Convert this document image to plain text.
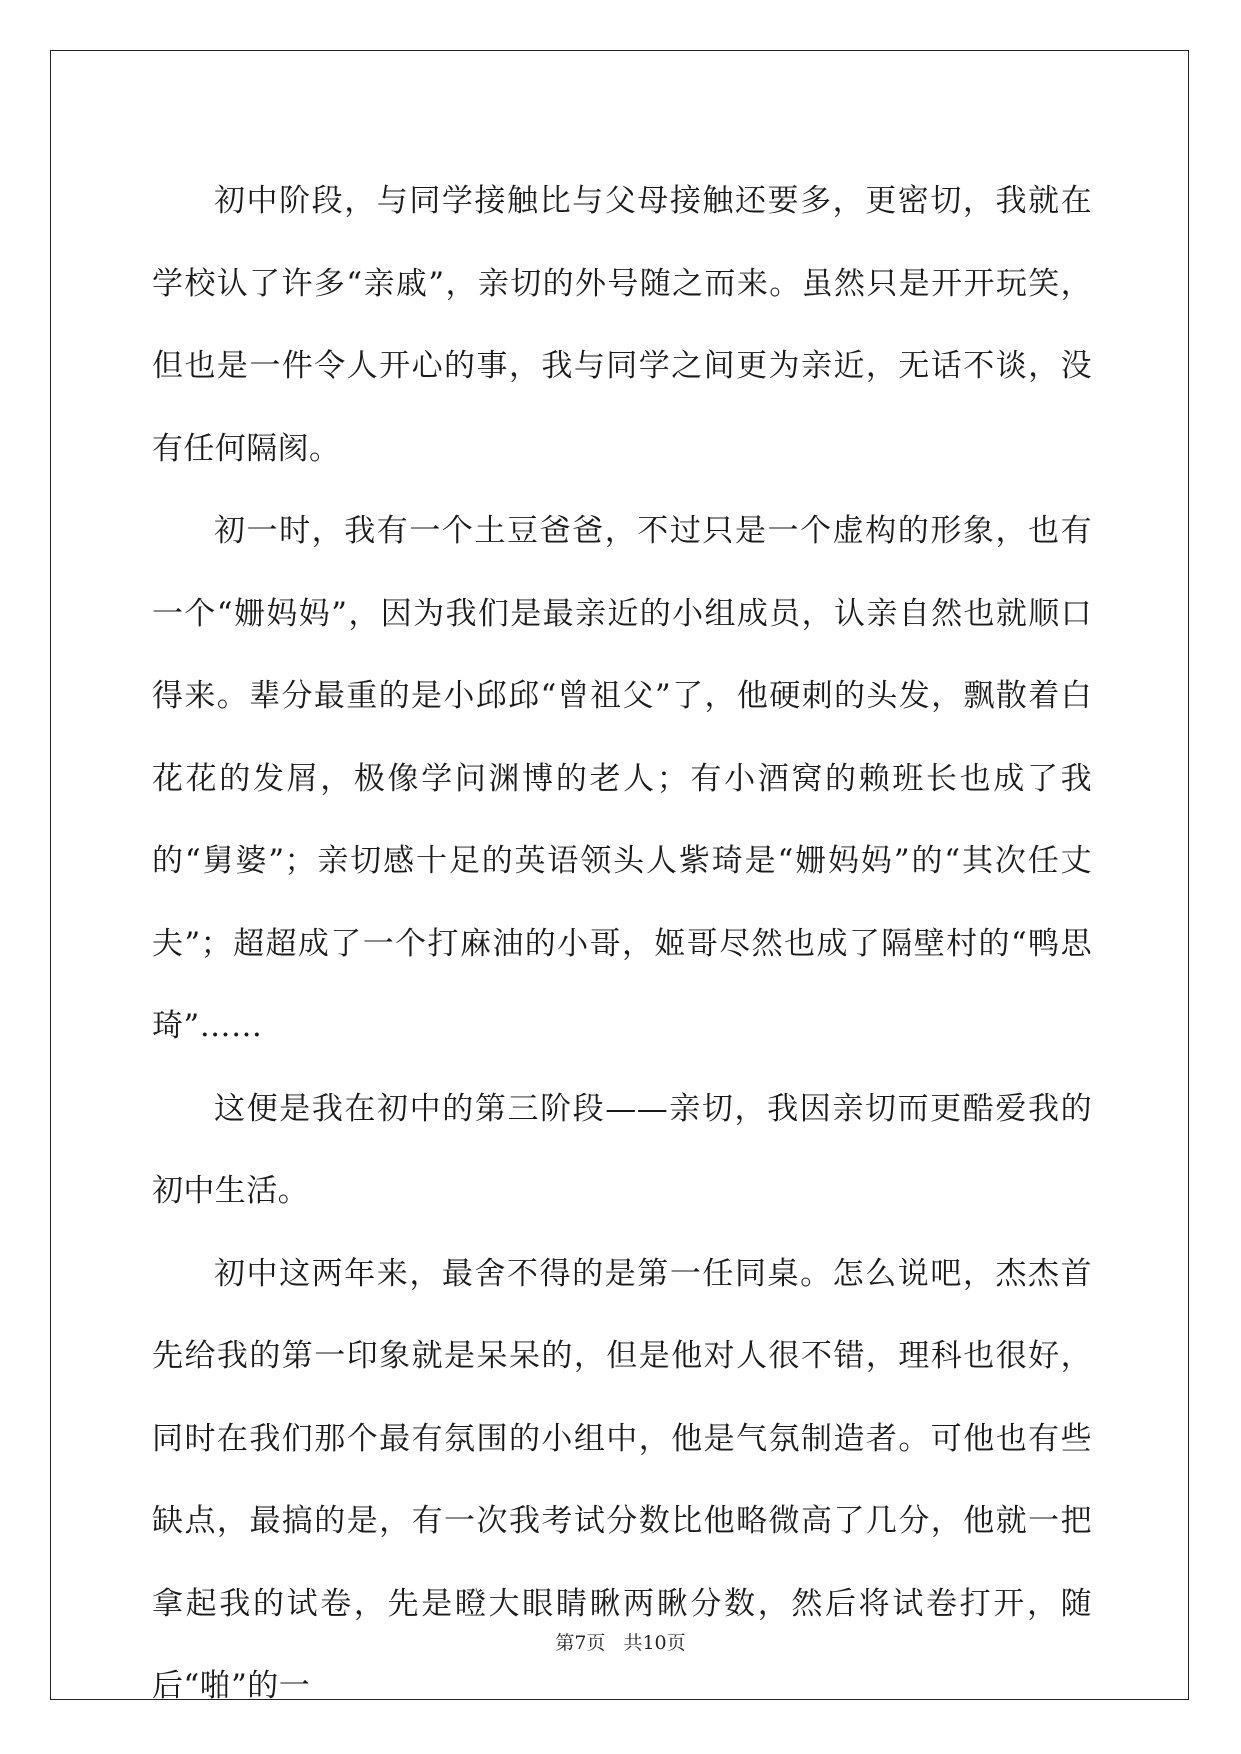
初中阶段，与同学接触比与父母接触还要多，更密切，我就在学校认了许多“亲戚”，亲切的外号随之而来。虽然只是开开玩笑，但也是一件令人开心的事，我与同学之间更为亲近，无话不谈，没有任何隔阂。

初一时，我有一个土豆爸爸，不过只是一个虚构的形象，也有一个“姗妈妈”，因为我们是最亲近的小组成员，认亲自然也就顺口得来。辈分最重的是小邱邱“曾祖父”了，他硬刺的头发，飘散着白花花的发屑，极像学问渊博的老人；有小酒窝的赖班长也成了我的“舅婆”；亲切感十足的英语领头人紫琦是“姗妈妈”的“其次任丈夫”；超超成了一个打麻油的小哥，姬哥尽然也成了隔壁村的“鸭思琦”……

这便是我在初中的第三阶段——亲切，我因亲切而更酷爱我的初中生活。

初中这两年来，最舍不得的是第一任同桌。怎么说吧，杰杰首先给我的第一印象就是呆呆的，但是他对人很不错，理科也很好，同时在我们那个最有氛围的小组中，他是气氛制造者。可他也有些缺点，最搞的是，有一次我考试分数比他略微高了几分，他就一把拿起我的试卷，先是瞪大眼睛瞅两瞅分数，然后将试卷打开，随后“啪”的一

第7页 共10页
